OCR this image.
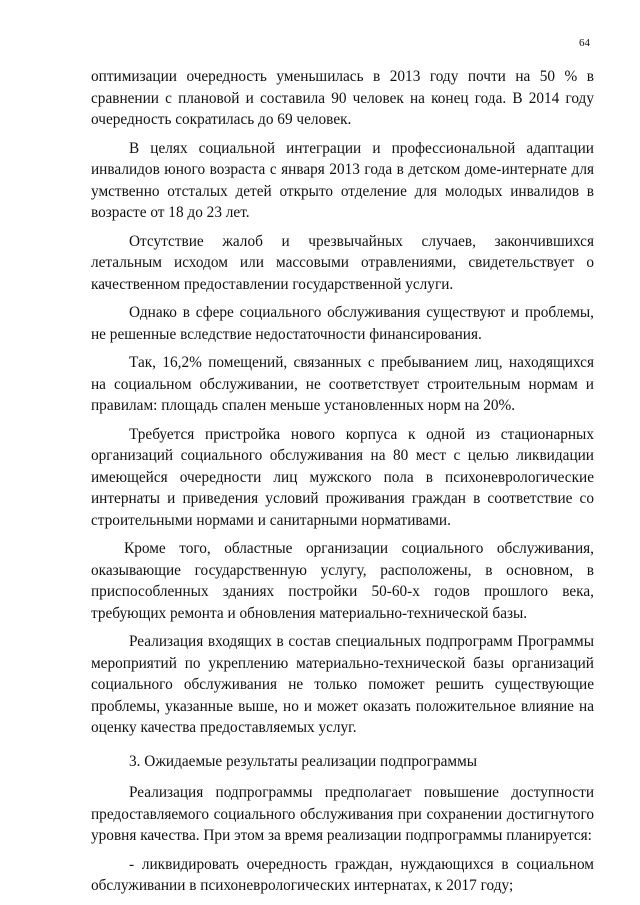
64

оптимизации очередность уменьшилась в 2013 году почти на 50 % в сравнении с плановой и составила 90 человек на конец года. В 2014 году очередность сократилась до 69 человек.

В целях социальной интеграции и профессиональной адаптации инвалидов юного возраста с января 2013 года в детском доме-интернате для умственно отсталых детей открыто отделение для молодых инвалидов в возрасте от 18 до 23 лет.

Отсутствие жалоб и чрезвычайных случаев, закончившихся летальным исходом или массовыми отравлениями, свидетельствует о качественном предоставлении государственной услуги.

Однако в сфере социального обслуживания существуют и проблемы, не решенные вследствие недостаточности финансирования.

Так, 16,2% помещений, связанных с пребыванием лиц, находящихся на социальном обслуживании, не соответствует строительным нормам и правилам: площадь спален меньше установленных норм на 20%.

Требуется пристройка нового корпуса к одной из стационарных организаций социального обслуживания на 80 мест с целью ликвидации имеющейся очередности лиц мужского пола в психоневрологические интернаты и приведения условий проживания граждан в соответствие со строительными нормами и санитарными нормативами.

Кроме того, областные организации социального обслуживания, оказывающие государственную услугу, расположены, в основном, в приспособленных зданиях постройки 50-60-х годов прошлого века, требующих ремонта и обновления материально-технической базы.

Реализация входящих в состав специальных подпрограмм Программы мероприятий по укреплению материально-технической базы организаций социального обслуживания не только поможет решить существующие проблемы, указанные выше, но и может оказать положительное влияние на оценку качества предоставляемых услуг.

3. Ожидаемые результаты реализации подпрограммы

Реализация подпрограммы предполагает повышение доступности предоставляемого социального обслуживания при сохранении достигнутого уровня качества. При этом за время реализации подпрограммы планируется:

- ликвидировать очередность граждан, нуждающихся в социальном обслуживании в психоневрологических интернатах, к 2017 году;
